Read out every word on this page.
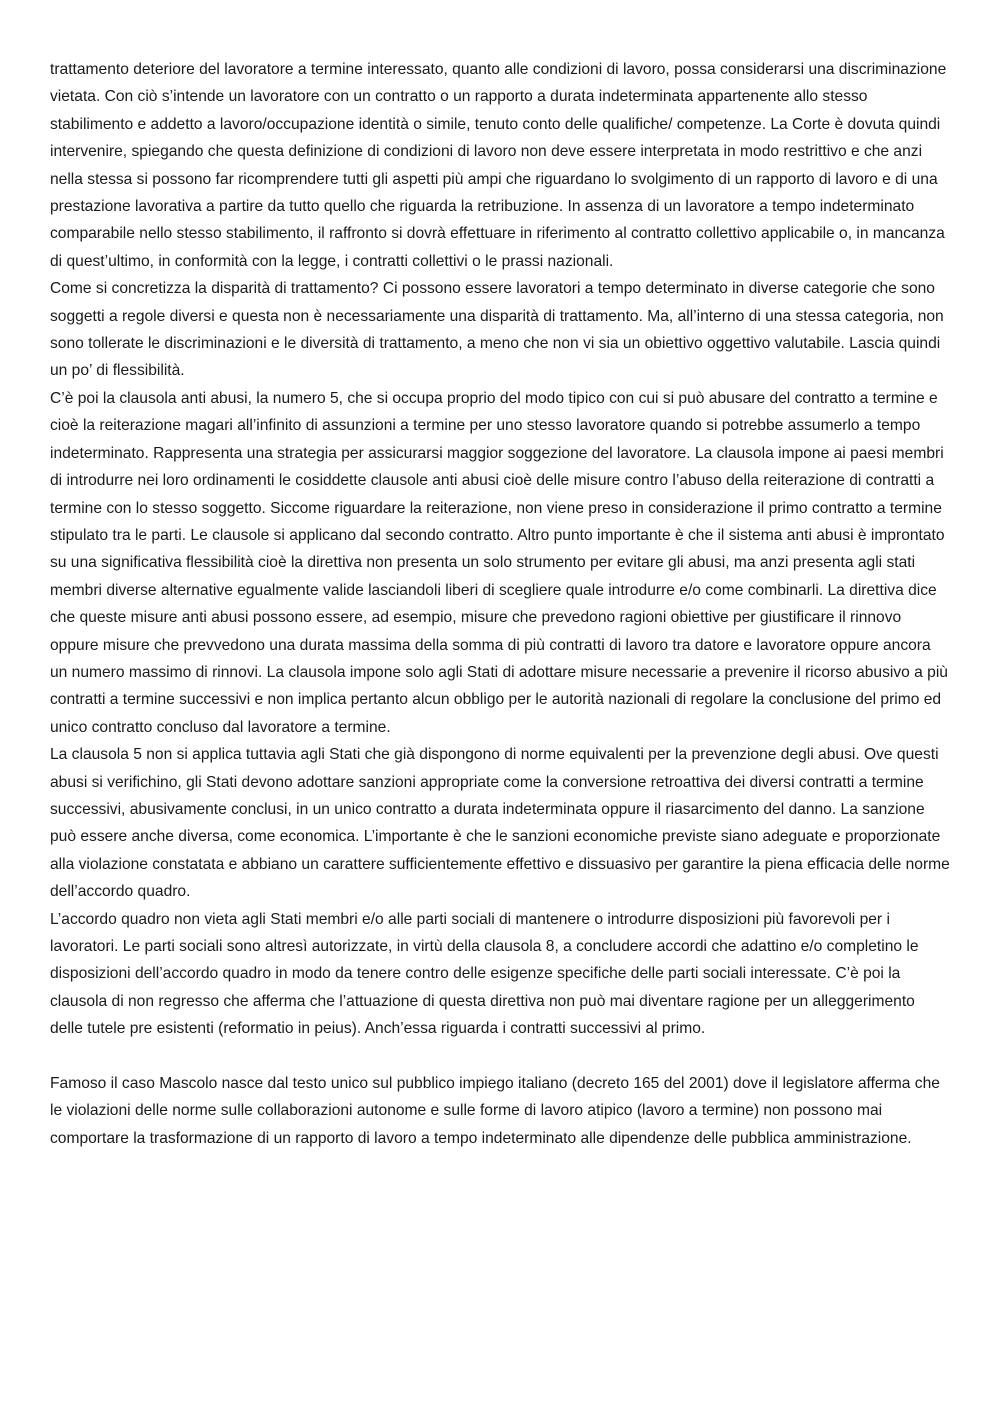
trattamento deteriore del lavoratore a termine interessato, quanto alle condizioni di lavoro, possa considerarsi una discriminazione vietata. Con ciò s’intende un lavoratore con un contratto o un rapporto a durata indeterminata appartenente allo stesso stabilimento e addetto a lavoro/occupazione identità o simile, tenuto conto delle qualifiche/ competenze. La Corte è dovuta quindi intervenire, spiegando che questa definizione di condizioni di lavoro non deve essere interpretata in modo restrittivo e che anzi nella stessa si possono far ricomprendere tutti gli aspetti più ampi che riguardano lo svolgimento di un rapporto di lavoro e di una prestazione lavorativa a partire da tutto quello che riguarda la retribuzione. In assenza di un lavoratore a tempo indeterminato comparabile nello stesso stabilimento, il raffronto si dovrà effettuare in riferimento al contratto collettivo applicabile o, in mancanza di quest’ultimo, in conformità con la legge, i contratti collettivi o le prassi nazionali.

Come si concretizza la disparità di trattamento? Ci possono essere lavoratori a tempo determinato in diverse categorie che sono soggetti a regole diversi e questa non è necessariamente una disparità di trattamento. Ma, all’interno di una stessa categoria, non sono tollerate le discriminazioni e le diversità di trattamento, a meno che non vi sia un obiettivo oggettivo valutabile. Lascia quindi un po’ di flessibilità.

C’è poi la clausola anti abusi, la numero 5, che si occupa proprio del modo tipico con cui si può abusare del contratto a termine e cioè la reiterazione magari all’infinito di assunzioni a termine per uno stesso lavoratore quando si potrebbe assumerlo a tempo indeterminato. Rappresenta una strategia per assicurarsi maggior soggezione del lavoratore. La clausola impone ai paesi membri di introdurre nei loro ordinamenti le cosiddette clausole anti abusi cioè delle misure contro l’abuso della reiterazione di contratti a termine con lo stesso soggetto. Siccome riguardare la reiterazione, non viene preso in considerazione il primo contratto a termine stipulato tra le parti. Le clausole si applicano dal secondo contratto. Altro punto importante è che il sistema anti abusi è improntato su una significativa flessibilità cioè la direttiva non presenta un solo strumento per evitare gli abusi, ma anzi presenta agli stati membri diverse alternative egualmente valide lasciandoli liberi di scegliere quale introdurre e/o come combinarli. La direttiva dice che queste misure anti abusi possono essere, ad esempio, misure che prevedono ragioni obiettive per giustificare il rinnovo oppure misure che prevvedono una durata massima della somma di più contratti di lavoro tra datore e lavoratore oppure ancora un numero massimo di rinnovi. La clausola impone solo agli Stati di adottare misure necessarie a prevenire il ricorso abusivo a più contratti a termine successivi e non implica pertanto alcun obbligo per le autorità nazionali di regolare la conclusione del primo ed unico contratto concluso dal lavoratore a termine.

La clausola 5 non si applica tuttavia agli Stati che già dispongono di norme equivalenti per la prevenzione degli abusi. Ove questi abusi si verifichino, gli Stati devono adottare sanzioni appropriate come la conversione retroattiva dei diversi contratti a termine successivi, abusivamente conclusi, in un unico contratto a durata indeterminata oppure il riasarcimento del danno. La sanzione può essere anche diversa, come economica. L’importante è che le sanzioni economiche previste siano adeguate e proporzionate alla violazione constatata e abbiano un carattere sufficientemente effettivo e dissuasivo per garantire la piena efficacia delle norme dell’accordo quadro.

L’accordo quadro non vieta agli Stati membri e/o alle parti sociali di mantenere o introdurre disposizioni più favorevoli per i lavoratori. Le parti sociali sono altresì autorizzate, in virtù della clausola 8, a concludere accordi che adattino e/o completino le disposizioni dell’accordo quadro in modo da tenere contro delle esigenze specifiche delle parti sociali interessate. C’è poi la clausola di non regresso che afferma che l’attuazione di questa direttiva non può mai diventare ragione per un alleggerimento delle tutele pre esistenti (reformatio in peius). Anch’essa riguarda i contratti successivi al primo.

Famoso il caso Mascolo nasce dal testo unico sul pubblico impiego italiano (decreto 165 del 2001) dove il legislatore afferma che le violazioni delle norme sulle collaborazioni autonome e sulle forme di lavoro atipico (lavoro a termine) non possono mai comportare la trasformazione di un rapporto di lavoro a tempo indeterminato alle dipendenze delle pubblica amministrazione.
